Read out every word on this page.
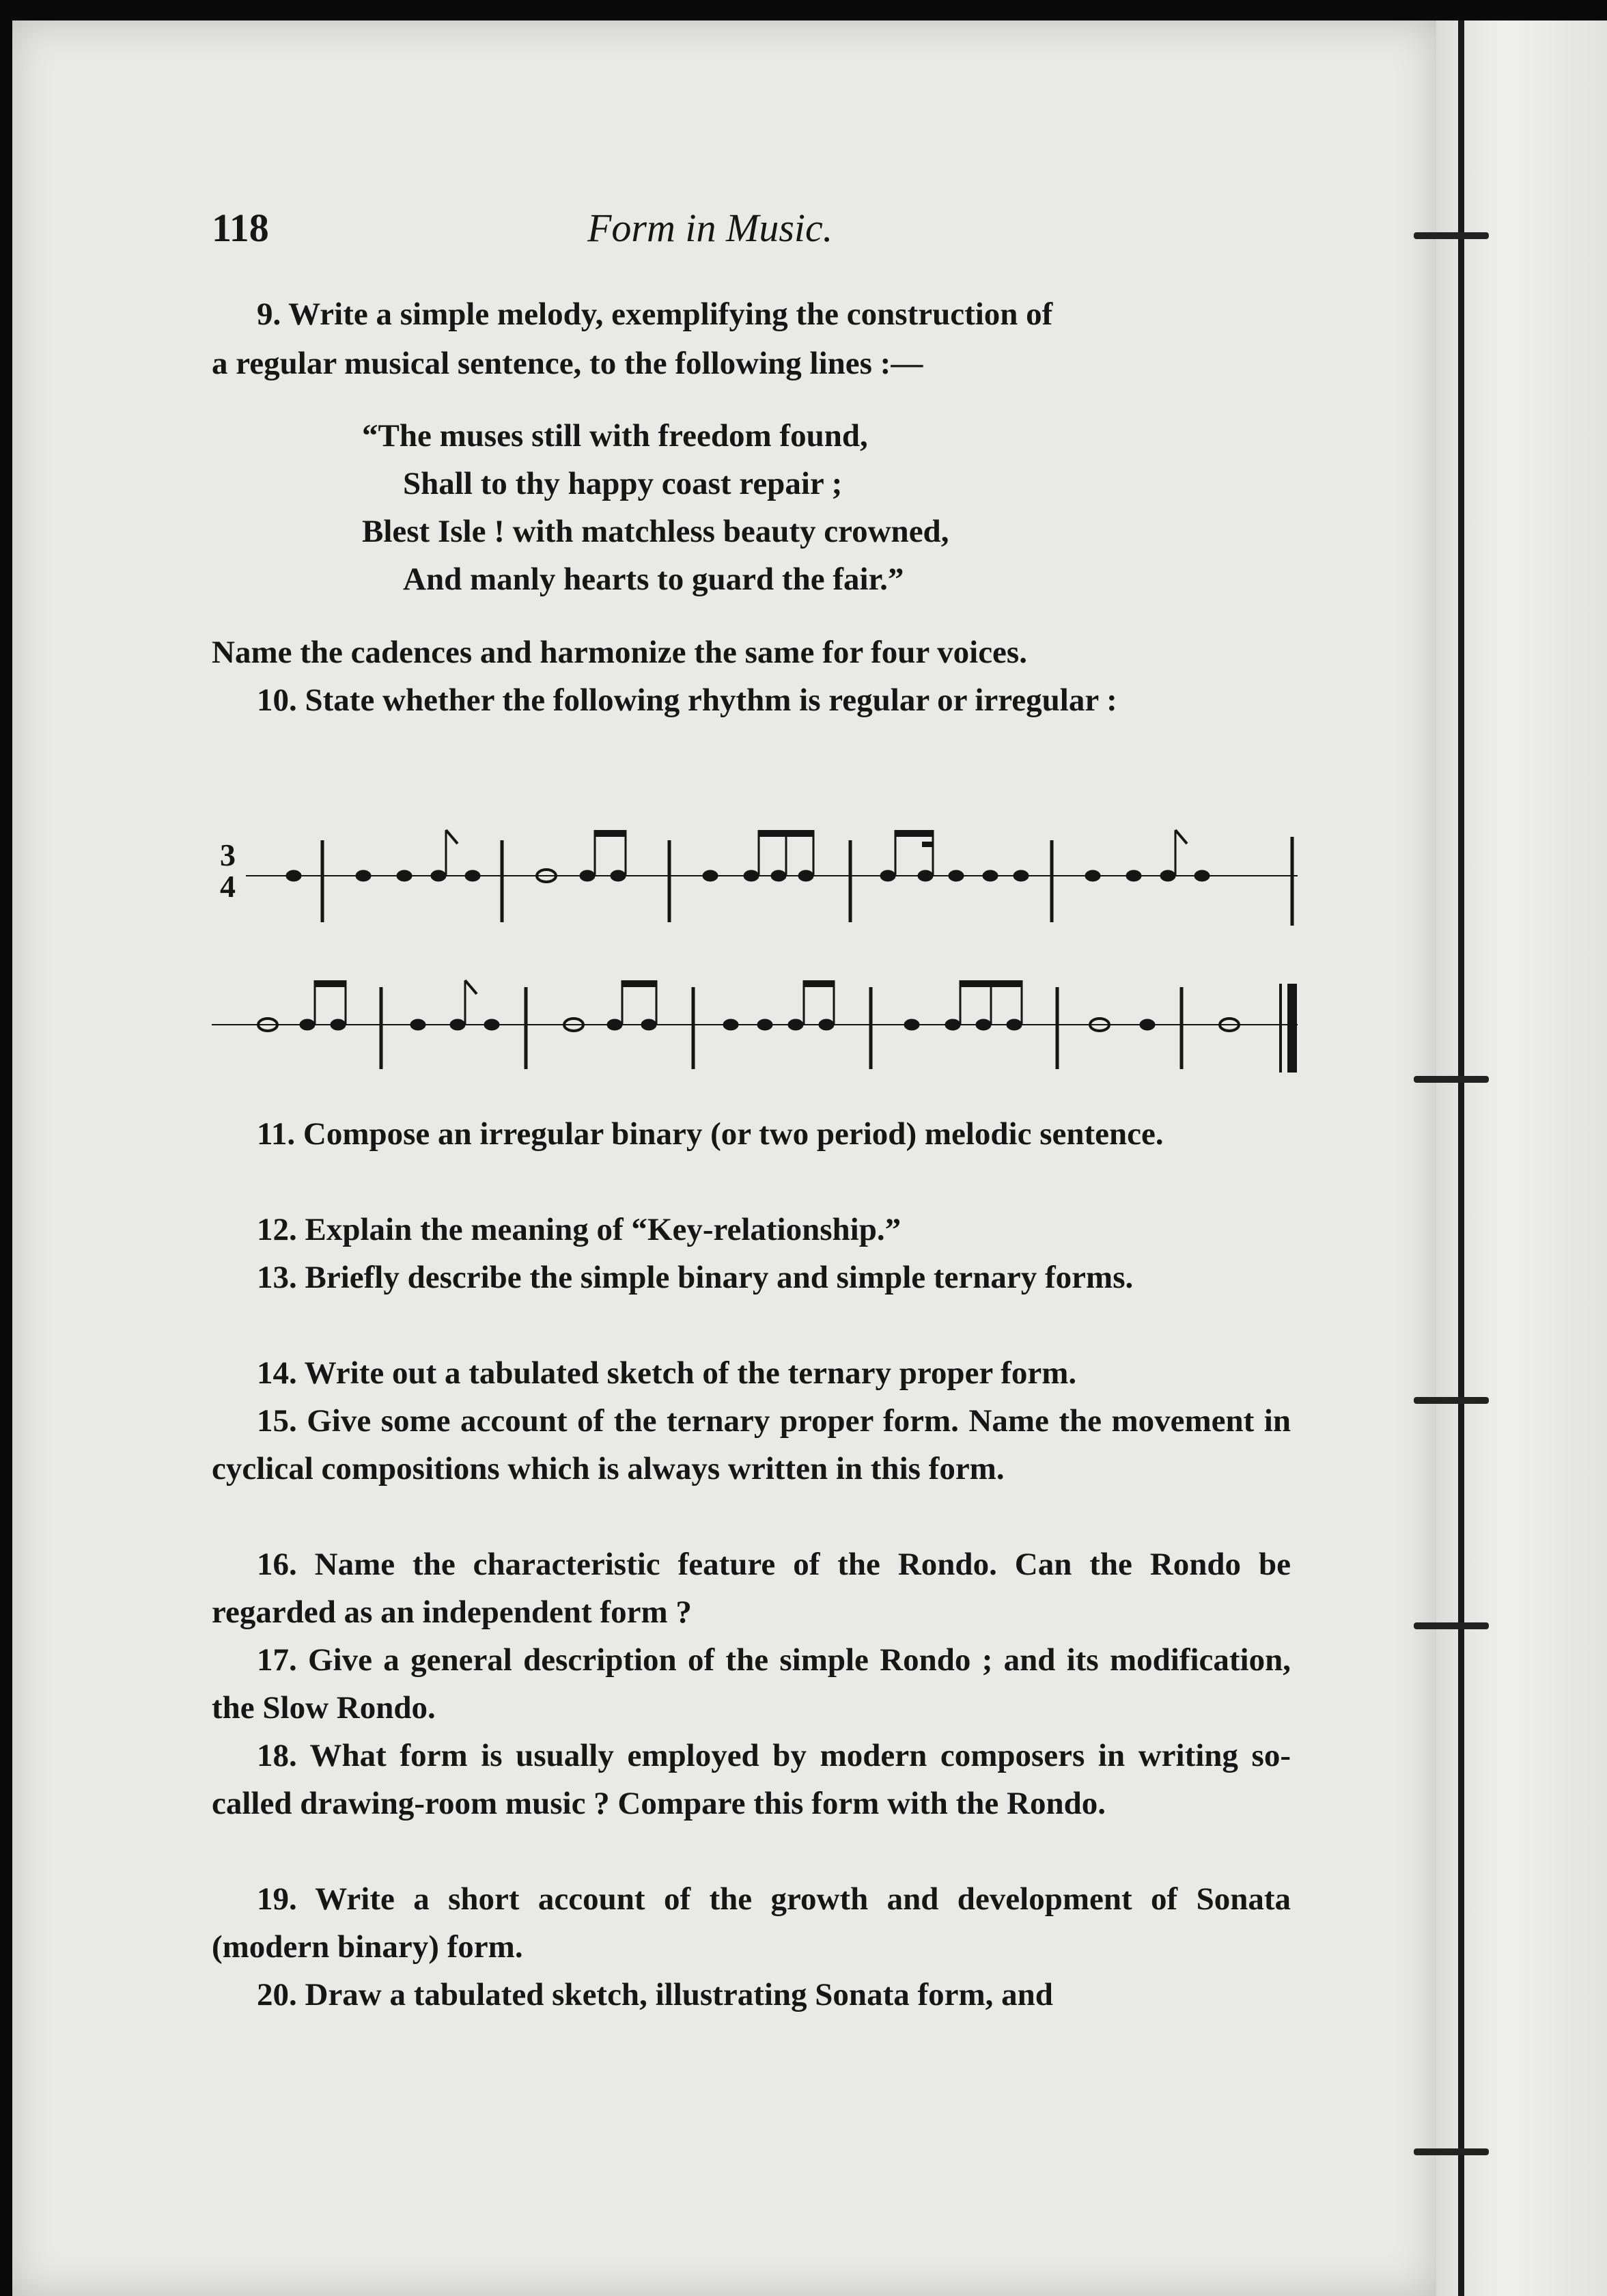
118	Form in Music.
9. Write a simple melody, exemplifying the construction of
a regular musical sentence, to the following lines :—
“The muses still with freedom found,
Shall to thy happy coast repair ;
Blest Isle ! with matchless beauty crowned,
And manly hearts to guard the fair.”
Name the cadences and harmonize the same for four voices.
10. State whether the following rhythm is regular or irregular :
3
4
11. Compose an irregular binary (or two period) melodic sentence.
12. Explain the meaning of “Key-relationship.”
13. Briefly describe the simple binary and simple ternary forms.
14. Write out a tabulated sketch of the ternary proper form.
15. Give some account of the ternary proper form. Name the movement in cyclical compositions which is always written in this form.
16. Name the characteristic feature of the Rondo. Can the Rondo be regarded as an independent form ?
17. Give a general description of the simple Rondo ; and its modification, the Slow Rondo.
18. What form is usually employed by modern composers in writing so-called drawing-room music ? Compare this form with the Rondo.
19. Write a short account of the growth and development of Sonata (modern binary) form.
20. Draw a tabulated sketch, illustrating Sonata form, and
